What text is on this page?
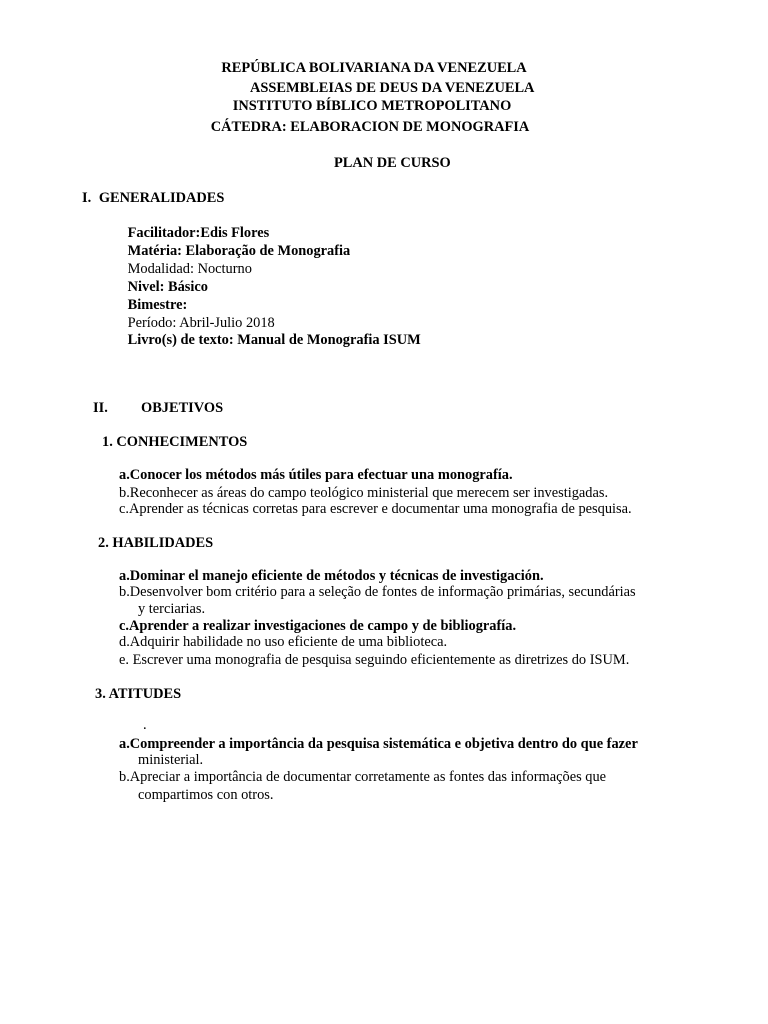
REPÚBLICA BOLIVARIANA DA VENEZUELA
ASSEMBLEIAS DE DEUS DA VENEZUELA
INSTITUTO BÍBLICO METROPOLITANO
CÁTEDRA: ELABORACION DE MONOGRAFIA
PLAN DE CURSO
I. GENERALIDADES
Facilitador:Edis Flores
Matéria: Elaboração de Monografia
Modalidad: Nocturno
Nivel: Básico
Bimestre:
Período: Abril-Julio 2018
Livro(s) de texto: Manual de Monografia ISUM
II. OBJETIVOS
1. CONHECIMENTOS
a.Conocer los métodos más útiles para efectuar una monografía.
b.Reconhecer as áreas do campo teológico ministerial que merecem ser investigadas.
c.Aprender as técnicas corretas para escrever e documentar uma monografia de pesquisa.
2. HABILIDADES
a.Dominar el manejo eficiente de métodos y técnicas de investigación.
b.Desenvolver bom critério para a seleção de fontes de informação primárias, secundárias
y terciarias.
c.Aprender a realizar investigaciones de campo y de bibliografía.
d.Adquirir habilidade no uso eficiente de uma biblioteca.
e. Escrever uma monografia de pesquisa seguindo eficientemente as diretrizes do ISUM.
3. ATITUDES
.
a.Compreender a importância da pesquisa sistemática e objetiva dentro do que fazer
ministerial.
b.Apreciar a importância de documentar corretamente as fontes das informações que
compartimos con otros.
